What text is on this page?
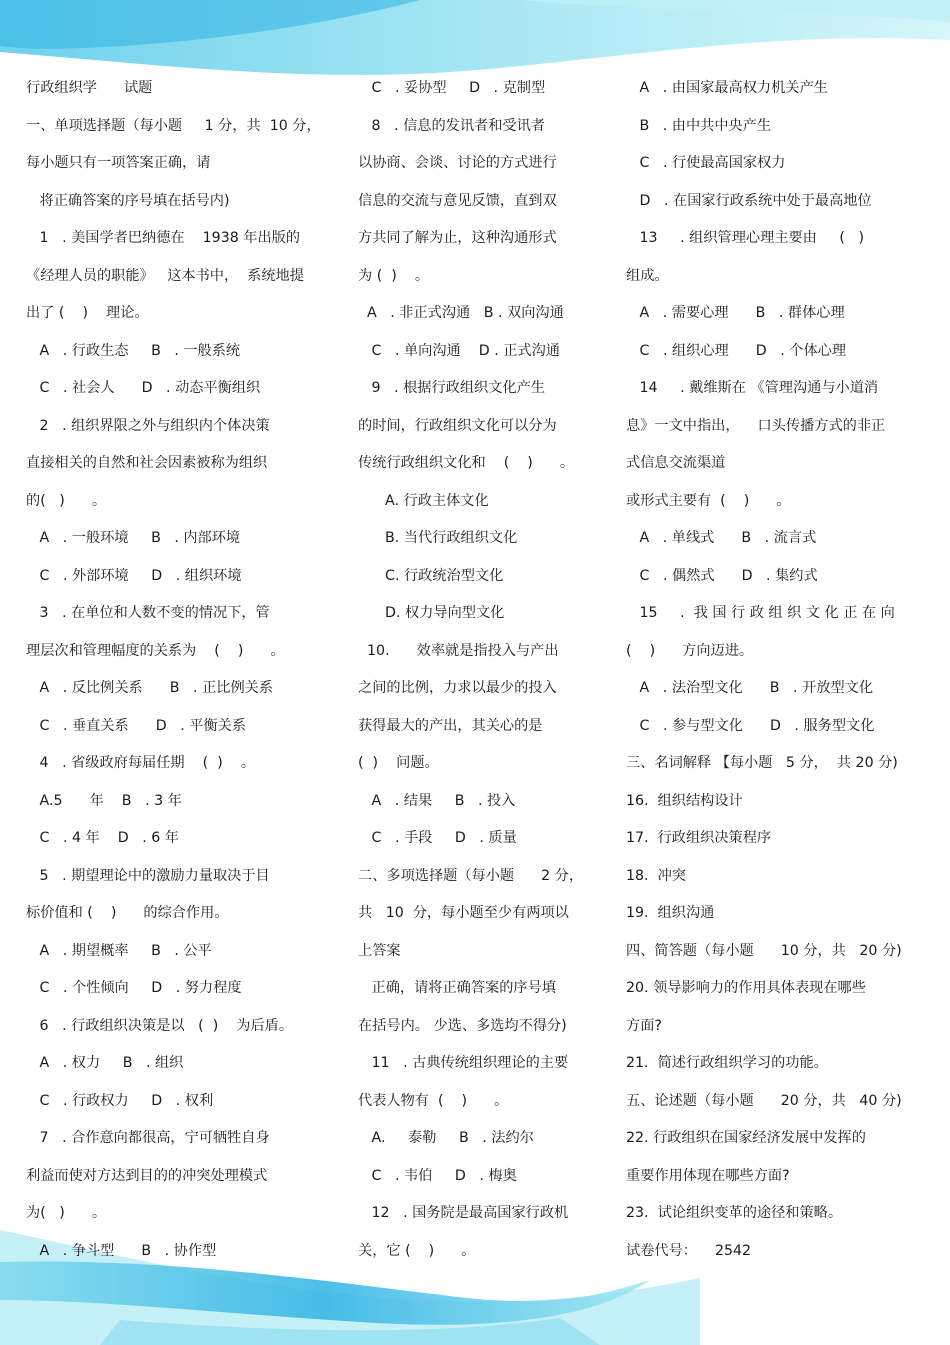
行政组织学      试题
一、单项选择题（每小题     1 分，共  10 分，
每小题只有一项答案正确，请
将正确答案的序号填在括号内)
1   . 美国学者巴纳德在    1938 年出版的
《经理人员的职能》   这本书中，  系统地提
出了 (    )    理论。
A   . 行政生态     B   . 一般系统
C   . 社会人      D   . 动态平衡组织
2   . 组织界限之外与组织内个体决策
直接相关的自然和社会因素被称为组织
的(   )      。
A   . 一般环境     B   . 内部环境
C   . 外部环境     D   . 组织环境
3   . 在单位和人数不变的情况下，管
理层次和管理幅度的关系为    (    )      。
A   . 反比例关系      B   . 正比例关系
C   . 垂直关系      D   . 平衡关系
4   . 省级政府每届任期    (  )    。
A.5      年    B   . 3 年
C   . 4 年    D   . 6 年
5   . 期望理论中的激励力量取决于目
标价值和 (    )      的综合作用。
A   . 期望概率     B   . 公平
C   . 个性倾向     D   . 努力程度
6   . 行政组织决策是以   (  )    为后盾。
A   . 权力     B   . 组织
C   . 行政权力     D   . 权利
7   . 合作意向都很高，宁可牺牲自身
利益而使对方达到目的的冲突处理模式
为(   )      。
A   . 争斗型      B   . 协作型
C   . 妥协型     D   . 克制型
8   . 信息的发讯者和受讯者
以协商、会谈、讨论的方式进行
信息的交流与意见反馈，直到双
方共同了解为止，这种沟通形式
为 (  )    。
A   . 非正式沟通   B . 双向沟通
C   . 单向沟通    D . 正式沟通
9   . 根据行政组织文化产生
的时间，行政组织文化可以分为
传统行政组织文化和    (    )      。
A. 行政主体文化
B. 当代行政组织文化
C. 行政统治型文化
D. 权力导向型文化
10.      效率就是指投入与产出
之间的比例，力求以最少的投入
获得最大的产出，其关心的是
(  )    问题。
A   . 结果     B   . 投入
C   . 手段     D   . 质量
二、多项选择题（每小题      2 分，
共   10  分，每小题至少有两项以
上答案
正确，请将正确答案的序号填
在括号内。 少选、多选均不得分)
11   . 古典传统组织理论的主要
代表人物有  (    )      。
A.     泰勒     B   . 法约尔
C   . 韦伯     D   . 梅奥
12   . 国务院是最高国家行政机
关，它 (    )      。
A   . 由国家最高权力机关产生
B   . 由中共中央产生
C   . 行使最高国家权力
D   . 在国家行政系统中处于最高地位
13     . 组织管理心理主要由     (   )
组成。
A   . 需要心理      B   . 群体心理
C   . 组织心理      D   . 个体心理
14     . 戴维斯在 《管理沟通与小道消
息》一文中指出，    口头传播方式的非正
式信息交流渠道
或形式主要有  (    )      。
A   . 单线式      B   . 流言式
C   . 偶然式      D   . 集约式
15     .  我 国 行 政 组 织 文 化 正 在 向
(    )      方向迈进。
A   . 法治型文化      B   . 开放型文化
C   . 参与型文化      D   . 服务型文化
三、名词解释 【每小题   5 分，  共 20 分)
16.  组织结构设计
17.  行政组织决策程序
18.  冲突
19.  组织沟通
四、简答题（每小题      10 分，共   20 分)
20. 领导影响力的作用具体表现在哪些
方面?
21.  简述行政组织学习的功能。
五、论述题（每小题      20 分，共   40 分)
22. 行政组织在国家经济发展中发挥的
重要作用体现在哪些方面?
23.  试论组织变革的途径和策略。
试卷代号：    2542
